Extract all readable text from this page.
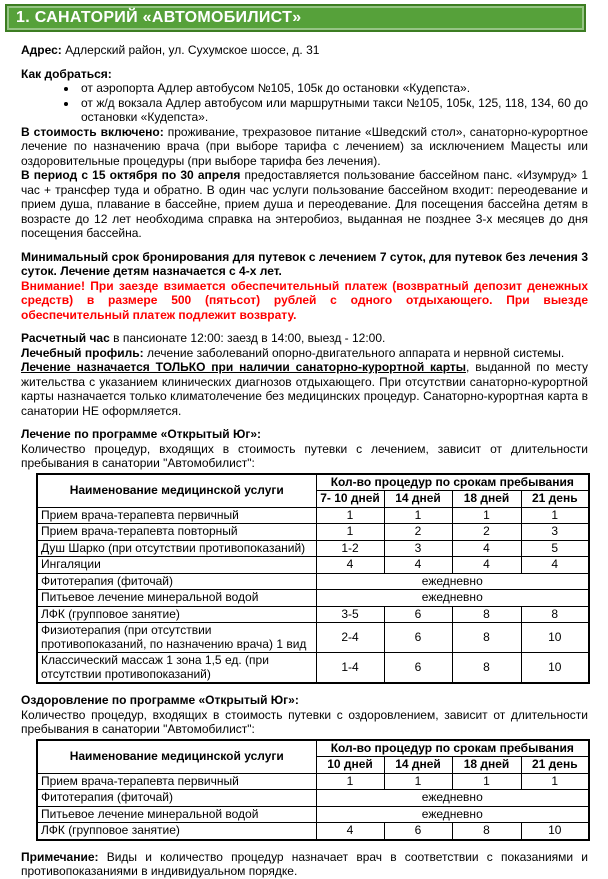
1. САНАТОРИЙ «АВТОМОБИЛИСТ»

Адрес: Адлерский район, ул. Сухумское шоссе, д. 31

Как добраться:

• от аэропорта Адлер автобусом №105, 105к до остановки «Кудепста».
• от ж/д вокзала Адлер автобусом или маршрутными такси №105, 105к, 125, 118, 134, 60 до остановки «Кудепста».

В стоимость включено: проживание, трехразовое питание «Шведский стол», санаторно-курортное лечение по назначению врача (при выборе тарифа с лечением) за исключением Мацесты или оздоровительные процедуры (при выборе тарифа без лечения).

В период с 15 октября по 30 апреля предоставляется пользование бассейном панс. «Изумруд» 1 час + трансфер туда и обратно. В один час услуги пользование бассейном входит: переодевание и прием душа, плавание в бассейне, прием душа и переодевание. Для посещения бассейна детям в возрасте до 12 лет необходима справка на энтеробиоз, выданная не позднее 3-х месяцев до дня посещения бассейна.

Минимальный срок бронирования для путевок с лечением 7 суток, для путевок без лечения 3 суток. Лечение детям назначается с 4-х лет.

Внимание! При заезде взимается обеспечительный платеж (возвратный депозит денежных средств) в размере 500 (пятьсот) рублей с одного отдыхающего. При выезде обеспечительный платеж подлежит возврату.

Расчетный час в пансионате 12:00: заезд в 14:00, выезд - 12:00.

Лечебный профиль: лечение заболеваний опорно-двигательного аппарата и нервной системы.

Лечение назначается ТОЛЬКО при наличии санаторно-курортной карты, выданной по месту жительства с указанием клинических диагнозов отдыхающего. При отсутствии санаторно-курортной карты назначается только климатолечение без медицинских процедур. Санаторно-курортная карта в санатории НЕ оформляется.

Лечение по программе «Открытый Юг»:

Количество процедур, входящих в стоимость путевки с лечением, зависит от длительности пребывания в санатории "Автомобилист":

Наименование медицинской услуги	Кол-во процедур по срокам пребывания			
	7- 10 дней	14 дней	18 дней	21 день
Прием врача-терапевта первичный	1	1	1	1
Прием врача-терапевта повторный	1	2	2	3
Душ Шарко (при отсутствии противопоказаний)	1-2	3	4	5
Ингаляции	4	4	4	4
Фитотерапия (фиточай)	ежедневно			
Питьевое лечение минеральной водой	ежедневно			
ЛФК (групповое занятие)	3-5	6	8	8
Физиотерапия (при отсутствии противопоказаний, по назначению врача) 1 вид	2-4	6	8	10
Классический массаж 1 зона 1,5 ед. (при отсутствии противопоказаний)	1-4	6	8	10

Оздоровление по программе «Открытый Юг»:

Количество процедур, входящих в стоимость путевки с оздоровлением, зависит от длительности пребывания в санатории "Автомобилист":

Наименование медицинской услуги	Кол-во процедур по срокам пребывания			
	10 дней	14 дней	18 дней	21 день
Прием врача-терапевта первичный	1	1	1	1
Фитотерапия (фиточай)	ежедневно			
Питьевое лечение минеральной водой	ежедневно			
ЛФК (групповое занятие)	4	6	8	10

Примечание: Виды и количество процедур назначает врач в соответствии с показаниями и противопоказаниями в индивидуальном порядке.
